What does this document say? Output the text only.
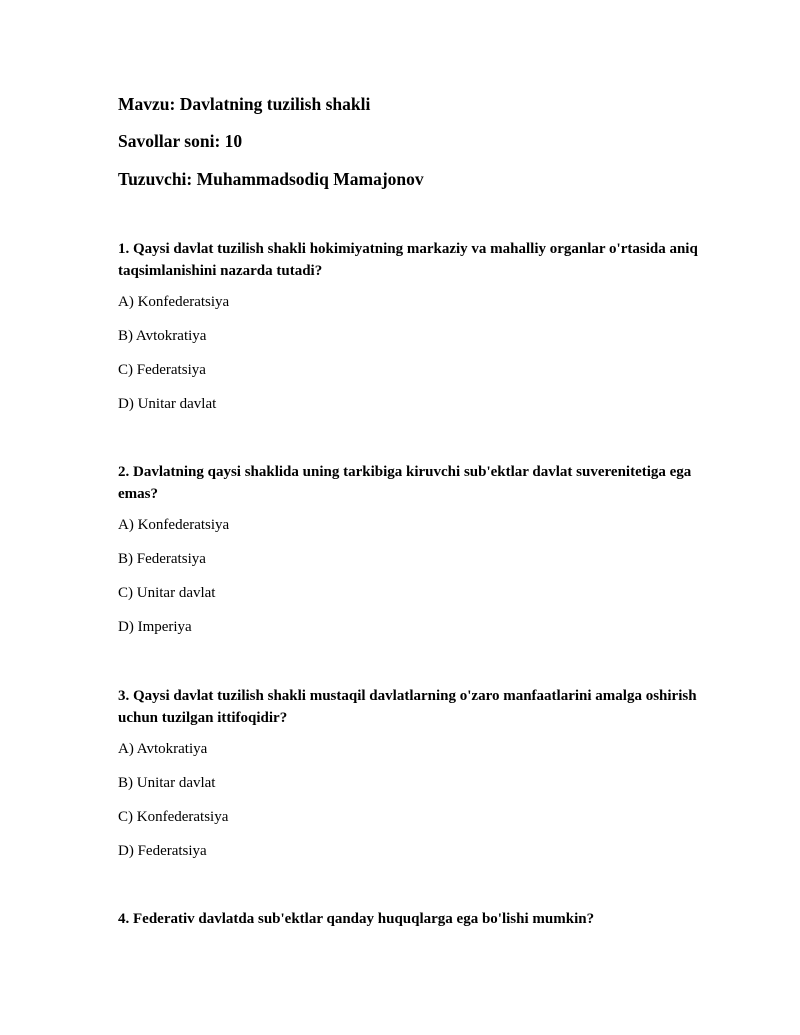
Mavzu: Davlatning tuzilish shakli
Savollar soni: 10
Tuzuvchi: Muhammadsodiq Mamajonov

1. Qaysi davlat tuzilish shakli hokimiyatning markaziy va mahalliy organlar o'rtasida aniq taqsimlanishini nazarda tutadi?

A) Konfederatsiya
B) Avtokratiya
C) Federatsiya
D) Unitar davlat

2. Davlatning qaysi shaklida uning tarkibiga kiruvchi sub'ektlar davlat suverenitetiga ega emas?

A) Konfederatsiya
B) Federatsiya
C) Unitar davlat
D) Imperiya

3. Qaysi davlat tuzilish shakli mustaqil davlatlarning o'zaro manfaatlarini amalga oshirish uchun tuzilgan ittifoqidir?

A) Avtokratiya
B) Unitar davlat
C) Konfederatsiya
D) Federatsiya

4. Federativ davlatda sub'ektlar qanday huquqlarga ega bo'lishi mumkin?
